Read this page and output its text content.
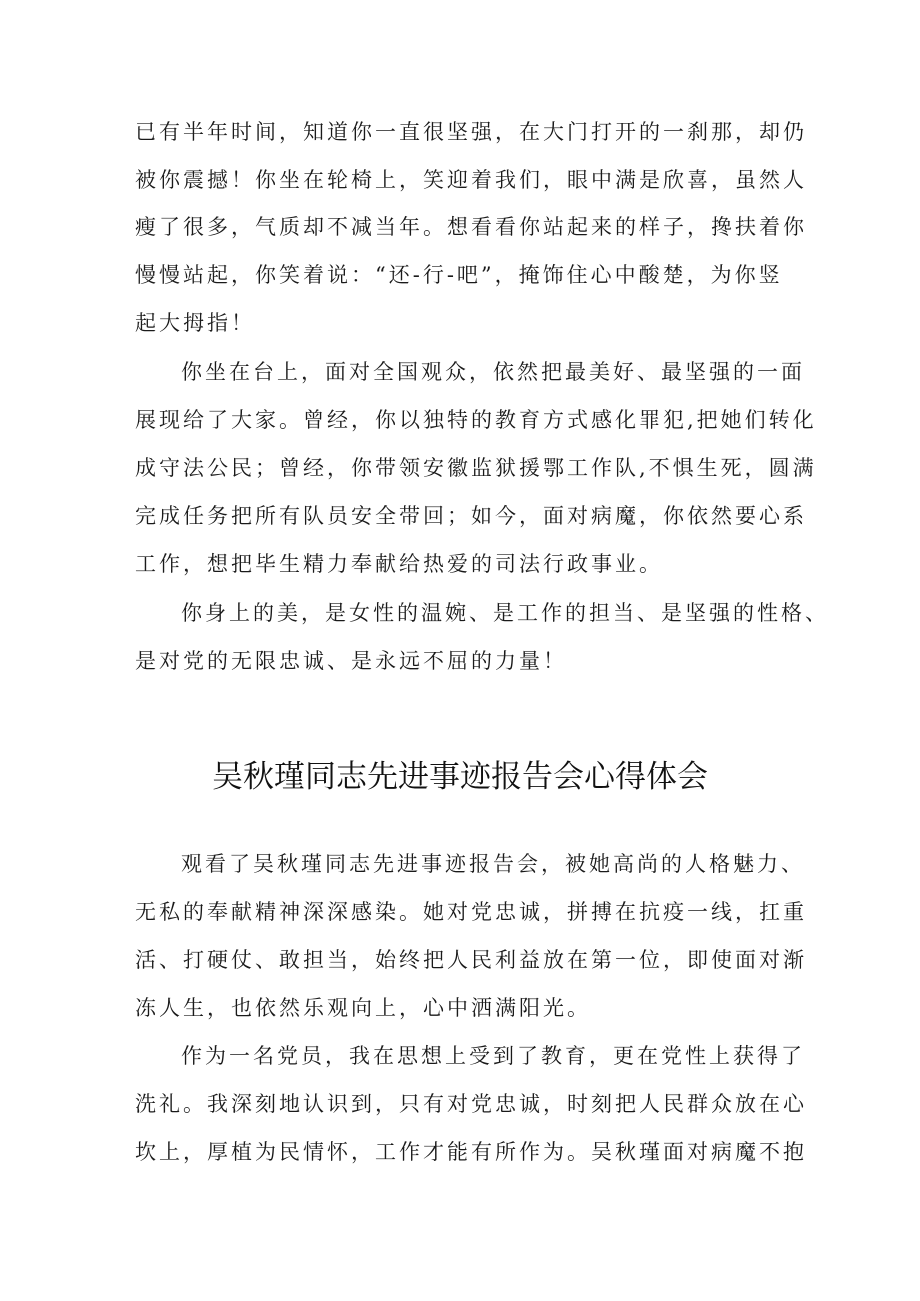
已有半年时间，知道你一直很坚强，在大门打开的一刹那，却仍
被你震撼！你坐在轮椅上，笑迎着我们，眼中满是欣喜，虽然人
瘦了很多，气质却不减当年。想看看你站起来的样子，搀扶着你
慢慢站起，你笑着说：“还-行-吧”，掩饰住心中酸楚，为你竖
起大拇指！
你坐在台上，面对全国观众，依然把最美好、最坚强的一面
展现给了大家。曾经，你以独特的教育方式感化罪犯,把她们转化
成守法公民；曾经，你带领安徽监狱援鄂工作队,不惧生死，圆满
完成任务把所有队员安全带回；如今，面对病魔，你依然要心系
工作，想把毕生精力奉献给热爱的司法行政事业。
你身上的美，是女性的温婉、是工作的担当、是坚强的性格、
是对党的无限忠诚、是永远不屈的力量！
吴秋瑾同志先进事迹报告会心得体会
观看了吴秋瑾同志先进事迹报告会，被她高尚的人格魅力、
无私的奉献精神深深感染。她对党忠诚，拼搏在抗疫一线，扛重
活、打硬仗、敢担当，始终把人民利益放在第一位，即使面对渐
冻人生，也依然乐观向上，心中洒满阳光。
作为一名党员，我在思想上受到了教育，更在党性上获得了
洗礼。我深刻地认识到，只有对党忠诚，时刻把人民群众放在心
坎上，厚植为民情怀，工作才能有所作为。吴秋瑾面对病魔不抱
